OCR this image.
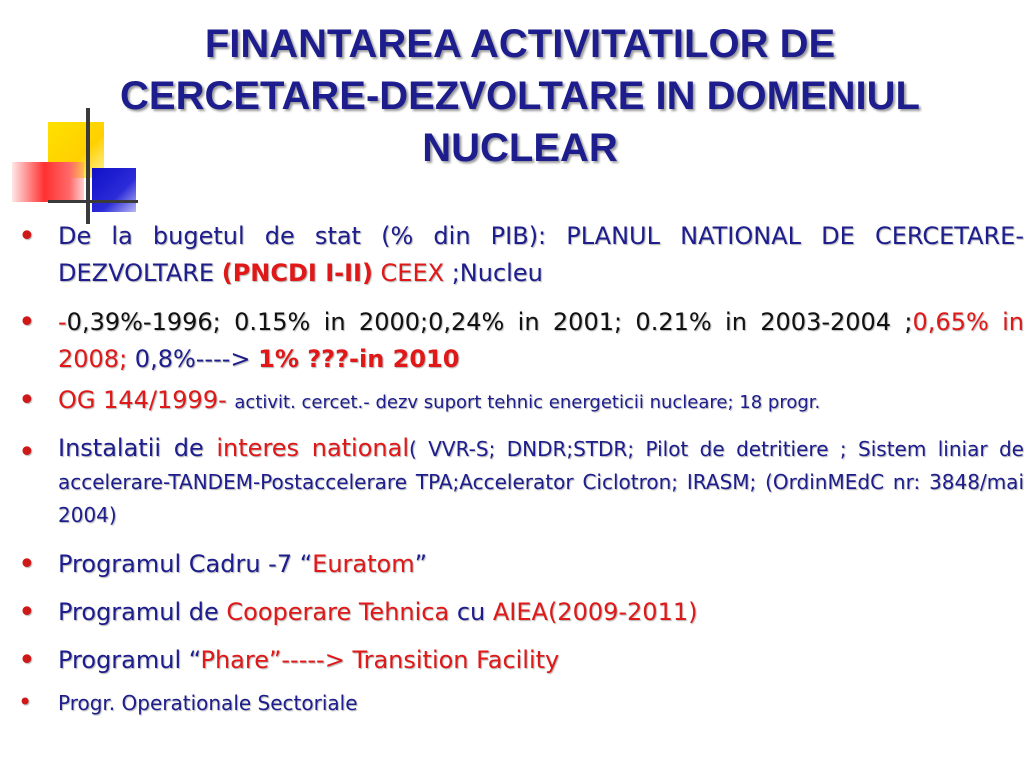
FINANTAREA ACTIVITATILOR DE
CERCETARE-DEZVOLTARE IN DOMENIUL
NUCLEAR
• De la bugetul de stat (% din PIB): PLANUL NATIONAL DE CERCETARE-DEZVOLTARE (PNCDI I-II) CEEX ;Nucleu
• -0,39%-1996; 0.15% in 2000;0,24% in 2001; 0.21% in 2003-2004 ;0,65% in 2008; 0,8%----> 1% ???-in 2010
• OG 144/1999- activit. cercet.- dezv suport tehnic energeticii nucleare; 18 progr.
• Instalatii de interes national( VVR-S; DNDR;STDR; Pilot de detritiere ; Sistem liniar de accelerare-TANDEM-Postaccelerare TPA;Accelerator Ciclotron; IRASM; (OrdinMEdC nr: 3848/mai 2004)
• Programul Cadru -7 “Euratom”
• Programul de Cooperare Tehnica cu AIEA(2009-2011)
• Programul “Phare”-----> Transition Facility
• Progr. Operationale Sectoriale
